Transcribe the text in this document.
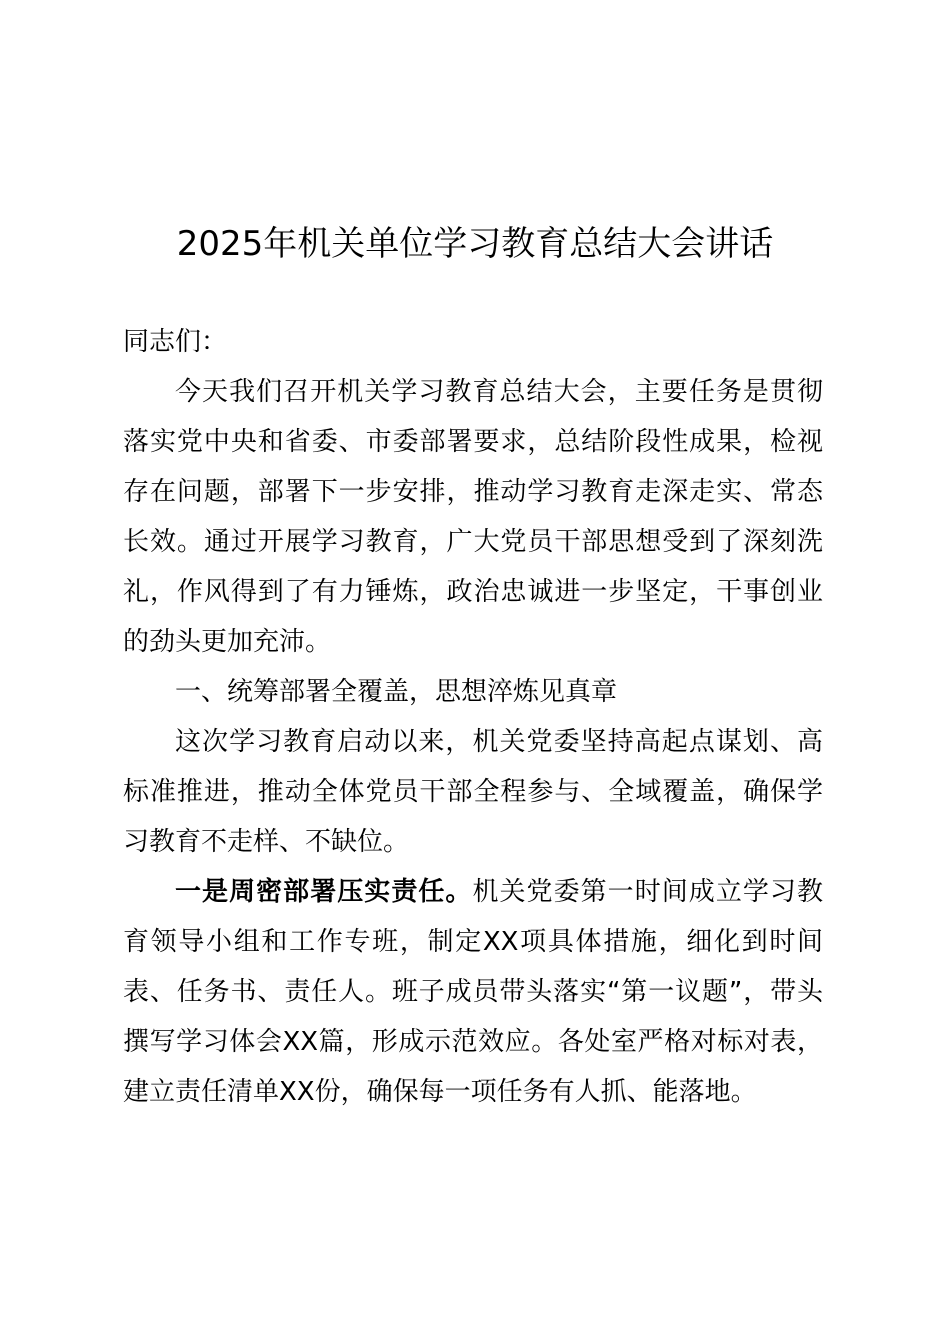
2025年机关单位学习教育总结大会讲话

同志们：

今天我们召开机关学习教育总结大会，主要任务是贯彻落实党中央和省委、市委部署要求，总结阶段性成果，检视存在问题，部署下一步安排，推动学习教育走深走实、常态长效。通过开展学习教育，广大党员干部思想受到了深刻洗礼，作风得到了有力锤炼，政治忠诚进一步坚定，干事创业的劲头更加充沛。

一、统筹部署全覆盖，思想淬炼见真章

这次学习教育启动以来，机关党委坚持高起点谋划、高标准推进，推动全体党员干部全程参与、全域覆盖，确保学习教育不走样、不缺位。

一是周密部署压实责任。机关党委第一时间成立学习教育领导小组和工作专班，制定XX项具体措施，细化到时间表、任务书、责任人。班子成员带头落实“第一议题”，带头撰写学习体会XX篇，形成示范效应。各处室严格对标对表，建立责任清单XX份，确保每一项任务有人抓、能落地。
